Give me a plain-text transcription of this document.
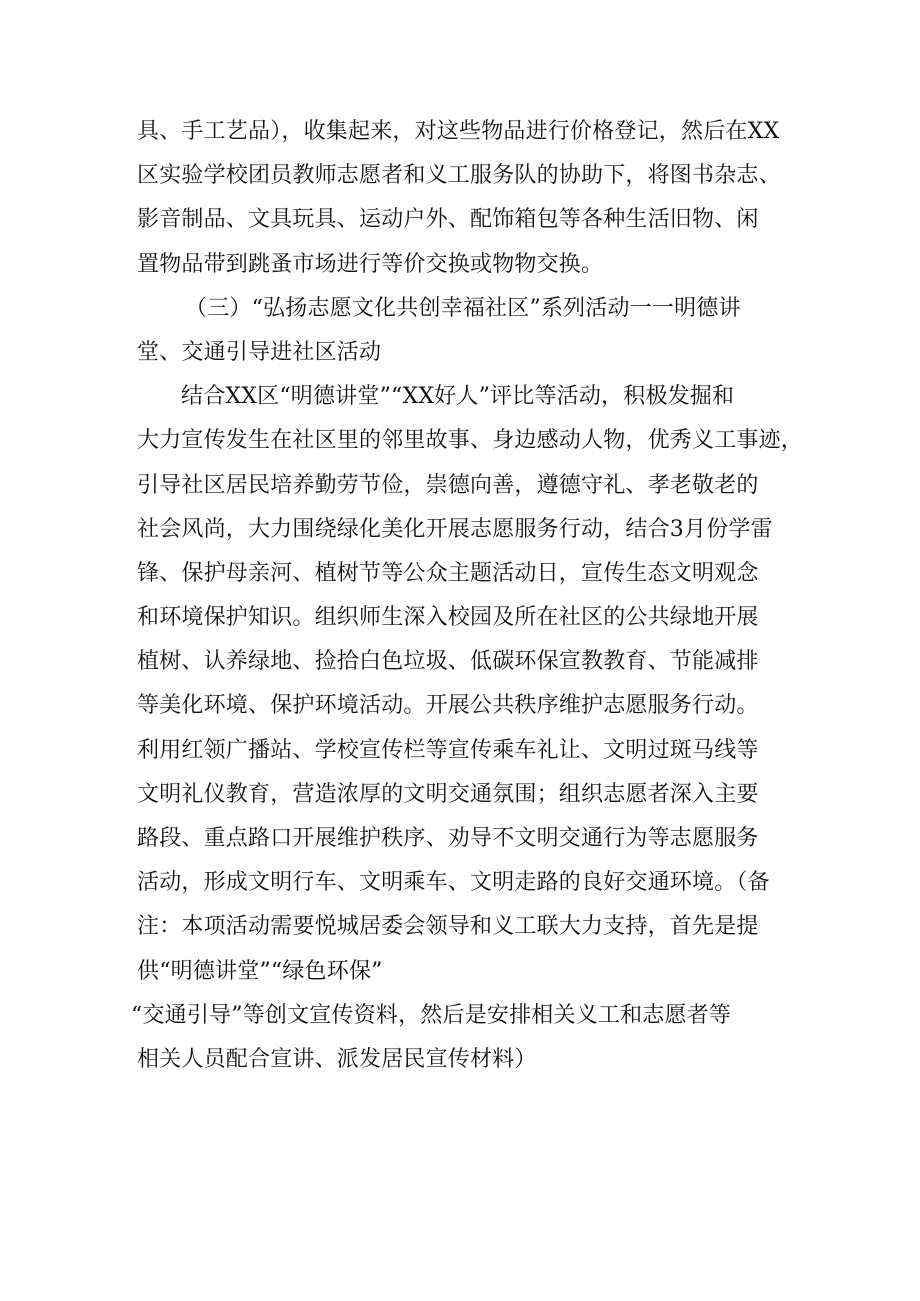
具、手工艺品），收集起来，对这些物品进行价格登记，然后在XX
区实验学校团员教师志愿者和义工服务队的协助下，将图书杂志、
影音制品、文具玩具、运动户外、配饰箱包等各种生活旧物、闲
置物品带到跳蚤市场进行等价交换或物物交换。
（三）“弘扬志愿文化共创幸福社区”系列活动一一明德讲
堂、交通引导进社区活动
结合XX区“明德讲堂”“XX好人”评比等活动，积极发掘和
大力宣传发生在社区里的邻里故事、身边感动人物，优秀义工事迹，
引导社区居民培养勤劳节俭，崇德向善，遵德守礼、孝老敬老的
社会风尚，大力围绕绿化美化开展志愿服务行动，结合3月份学雷
锋、保护母亲河、植树节等公众主题活动日，宣传生态文明观念
和环境保护知识。组织师生深入校园及所在社区的公共绿地开展
植树、认养绿地、捡拾白色垃圾、低碳环保宣教教育、节能减排
等美化环境、保护环境活动。开展公共秩序维护志愿服务行动。
利用红领广播站、学校宣传栏等宣传乘车礼让、文明过斑马线等
文明礼仪教育，营造浓厚的文明交通氛围；组织志愿者深入主要
路段、重点路口开展维护秩序、劝导不文明交通行为等志愿服务
活动，形成文明行车、文明乘车、文明走路的良好交通环境。（备
注：本项活动需要悦城居委会领导和义工联大力支持，首先是提
供“明德讲堂”“绿色环保”
“交通引导”等创文宣传资料，然后是安排相关义工和志愿者等
相关人员配合宣讲、派发居民宣传材料）
